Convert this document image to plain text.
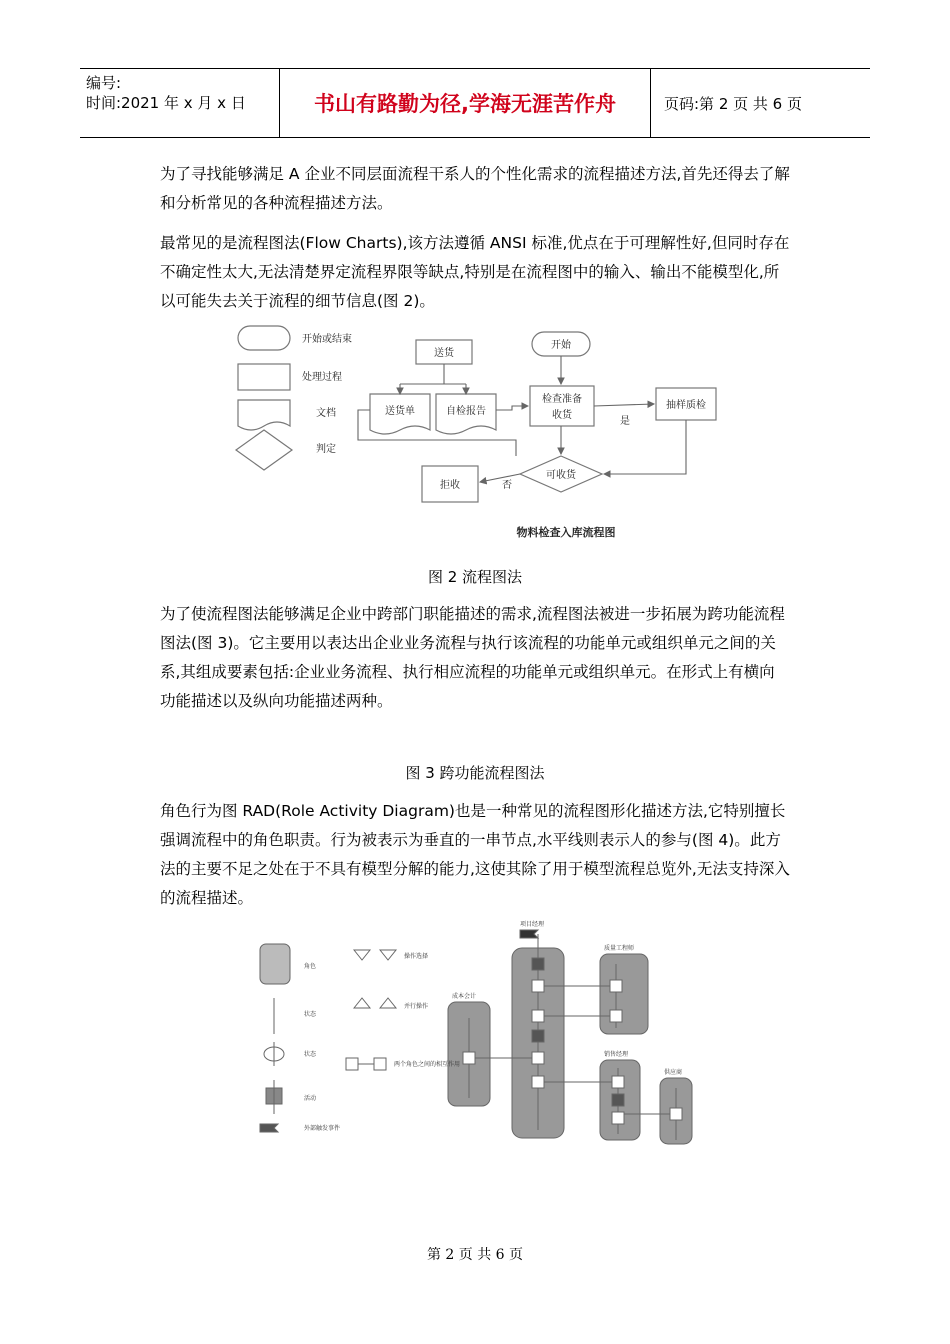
编号:
时间:2021 年 x 月 x 日	书山有路勤为径,学海无涯苦作舟	页码:第 2 页 共 6 页
为了寻找能够满足 A 企业不同层面流程干系人的个性化需求的流程描述方法,首先还得去了解和分析常见的各种流程描述方法。
最常见的是流程图法(Flow Charts),该方法遵循 ANSI 标准,优点在于可理解性好,但同时存在不确定性太大,无法清楚界定流程界限等缺点,特别是在流程图中的输入、输出不能模型化,所以可能失去关于流程的细节信息(图 2)。
开始或结束
处理过程
文档
判定
送货
开始
送货单	自检报告
检查准备
收货
抽样质检
可收货
拒收
是
否
物料检查入库流程图
图 2 流程图法
为了使流程图法能够满足企业中跨部门职能描述的需求,流程图法被进一步拓展为跨功能流程图法(图 3)。它主要用以表达出企业业务流程与执行该流程的功能单元或组织单元之间的关系,其组成要素包括:企业业务流程、执行相应流程的功能单元或组织单元。在形式上有横向功能描述以及纵向功能描述两种。
图 3 跨功能流程图法
角色行为图 RAD(Role Activity Diagram)也是一种常见的流程图形化描述方法,它特别擅长强调流程中的角色职责。行为被表示为垂直的一串节点,水平线则表示人的参与(图 4)。此方法的主要不足之处在于不具有模型分解的能力,这使其除了用于模型流程总览外,无法支持深入的流程描述。
角色
状态
状态
活动
外部触发事件
操作选择
并行操作
两个角色之间的相互作用
成本会计
项目经理
质量工程师
销售经理
供应商
第 2 页 共 6 页
